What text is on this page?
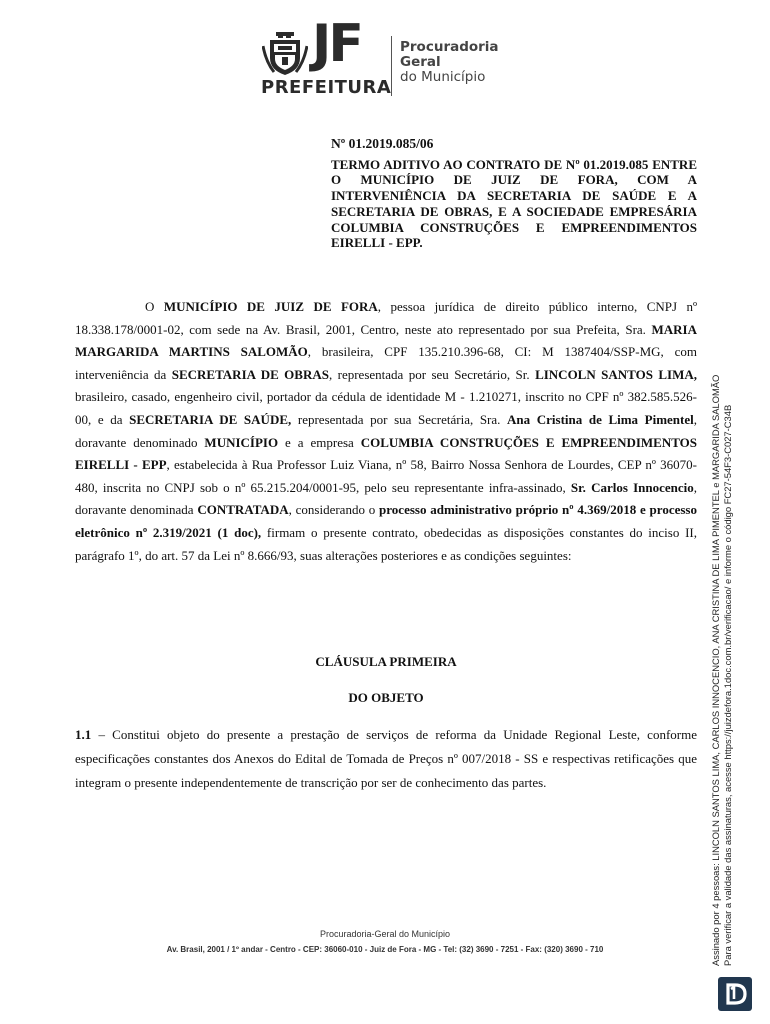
JF
PREFEITURA
Procuradoria
Geral
do Município

Nº 01.2019.085/06

TERMO ADITIVO AO CONTRATO DE Nº 01.2019.085 ENTRE O MUNICÍPIO DE JUIZ DE FORA, COM A INTERVENIÊNCIA DA SECRETARIA DE SAÚDE E A SECRETARIA DE OBRAS, E A SOCIEDADE EMPRESÁRIA COLUMBIA CONSTRUÇÕES E EMPREENDIMENTOS EIRELLI - EPP.

O MUNICÍPIO DE JUIZ DE FORA, pessoa jurídica de direito público interno, CNPJ nº 18.338.178/0001-02, com sede na Av. Brasil, 2001, Centro, neste ato representado por sua Prefeita, Sra. MARIA MARGARIDA MARTINS SALOMÃO, brasileira, CPF 135.210.396-68, CI: M 1387404/SSP-MG, com interveniência da SECRETARIA DE OBRAS, representada por seu Secretário, Sr. LINCOLN SANTOS LIMA, brasileiro, casado, engenheiro civil, portador da cédula de identidade M - 1.210271, inscrito no CPF nº 382.585.526-00, e da SECRETARIA DE SAÚDE, representada por sua Secretária, Sra. Ana Cristina de Lima Pimentel, doravante denominado MUNICÍPIO e a empresa COLUMBIA CONSTRUÇÕES E EMPREENDIMENTOS EIRELLI - EPP, estabelecida à Rua Professor Luiz Viana, nº 58, Bairro Nossa Senhora de Lourdes, CEP nº 36070-480, inscrita no CNPJ sob o nº 65.215.204/0001-95, pelo seu representante infra-assinado, Sr. Carlos Innocencio, doravante denominada CONTRATADA, considerando o processo administrativo próprio nº 4.369/2018 e processo eletrônico nº 2.319/2021 (1 doc), firmam o presente contrato, obedecidas as disposições constantes do inciso II, parágrafo 1º, do art. 57 da Lei nº 8.666/93, suas alterações posteriores e as condições seguintes:

CLÁUSULA PRIMEIRA

DO OBJETO

1.1 – Constitui objeto do presente a prestação de serviços de reforma da Unidade Regional Leste, conforme especificações constantes dos Anexos do Edital de Tomada de Preços nº 007/2018 - SS e respectivas retificações que integram o presente independentemente de transcrição por ser de conhecimento das partes.

Procuradoria-Geral do Município
Av. Brasil, 2001 / 1º andar - Centro - CEP: 36060-010 - Juiz de Fora - MG - Tel: (32) 3690 - 7251 - Fax: (320) 3690 - 710	Assinado por 4 pessoas: LINCOLN SANTOS LIMA, CARLOS INNOCENCIO, ANA CRISTINA DE LIMA PIMENTEL e MARGARIDA SALOMÃO Para verificar a validade das assinaturas, acesse https://juizdefora.1doc.com.br/verificacao/ e informe o código FC27-54F3-C027-C34B
